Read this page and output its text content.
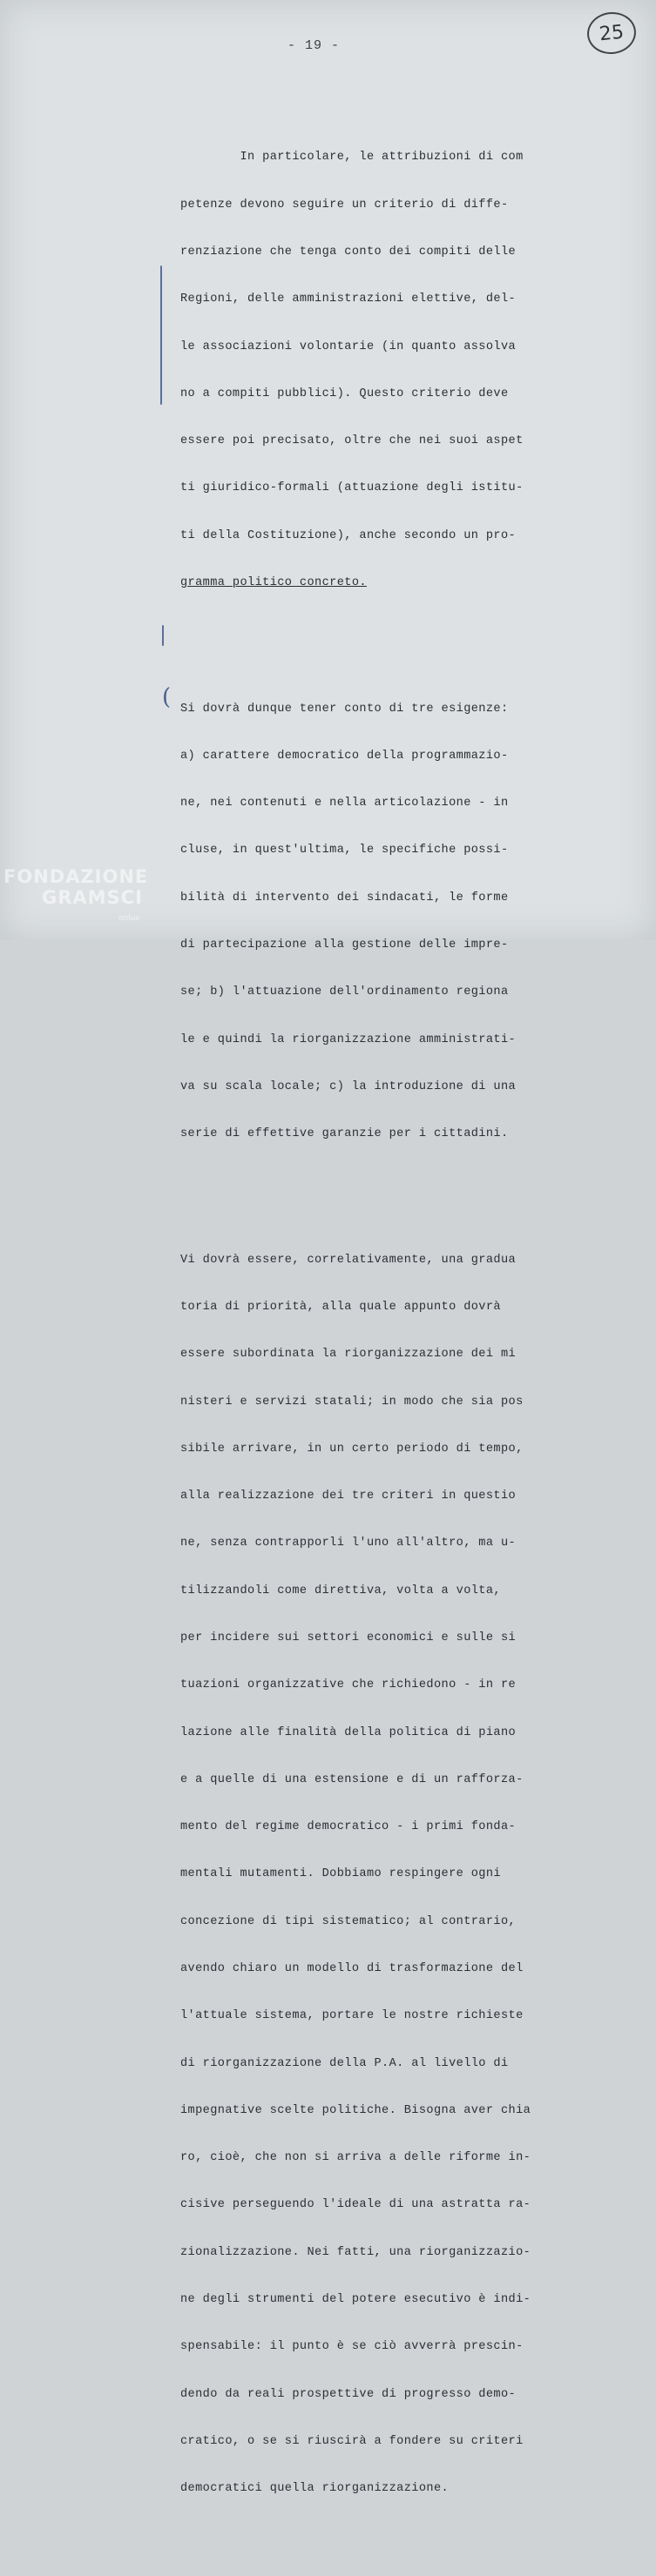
- 19 -
25
(

In particolare, le attribuzioni di com

petenze devono seguire un criterio di diffe-

renziazione che tenga conto dei compiti delle

Regioni, delle amministrazioni elettive, del-

le associazioni volontarie (in quanto assolva

no a compiti pubblici). Questo criterio deve

essere poi precisato, oltre che nei suoi aspet

ti giuridico-formali (attuazione degli istitu-

ti della Costituzione), anche secondo un pro-

gramma politico concreto.

Si dovrà dunque tener conto di tre esigenze:

a) carattere democratico della programmazio-

ne, nei contenuti e nella articolazione - in

cluse, in quest'ultima, le specifiche possi-

bilità di intervento dei sindacati, le forme

di partecipazione alla gestione delle impre-

se; b) l'attuazione dell'ordinamento regiona

le e quindi la riorganizzazione amministrati-

va su scala locale; c) la introduzione di una

serie di effettive garanzie per i cittadini.

Vi dovrà essere, correlativamente, una gradua

toria di priorità, alla quale appunto dovrà

essere subordinata la riorganizzazione dei mi

nisteri e servizi statali; in modo che sia pos

sibile arrivare, in un certo periodo di tempo,

alla realizzazione dei tre criteri in questio

ne, senza contrapporli l'uno all'altro, ma u-

tilizzandoli come direttiva, volta a volta,

per incidere sui settori economici e sulle si

tuazioni organizzative che richiedono - in re

lazione alle finalità della politica di piano

e a quelle di una estensione e di un rafforza-

mento del regime democratico - i primi fonda-

mentali mutamenti. Dobbiamo respingere ogni

concezione di tipi sistematico; al contrario,

avendo chiaro un modello di trasformazione del

l'attuale sistema, portare le nostre richieste

di riorganizzazione della P.A. al livello di

impegnative scelte politiche. Bisogna aver chia

ro, cioè, che non si arriva a delle riforme in-

cisive perseguendo l'ideale di una astratta ra-

zionalizzazione. Nei fatti, una riorganizzazio-

ne degli strumenti del potere esecutivo è indi-

spensabile: il punto è se ciò avverrà prescin-

dendo da reali prospettive di progresso demo-

cratico, o se si riuscirà a fondere su criteri

democratici quella riorganizzazione.

FONDAZIONE
GRAMSCI
onlus
